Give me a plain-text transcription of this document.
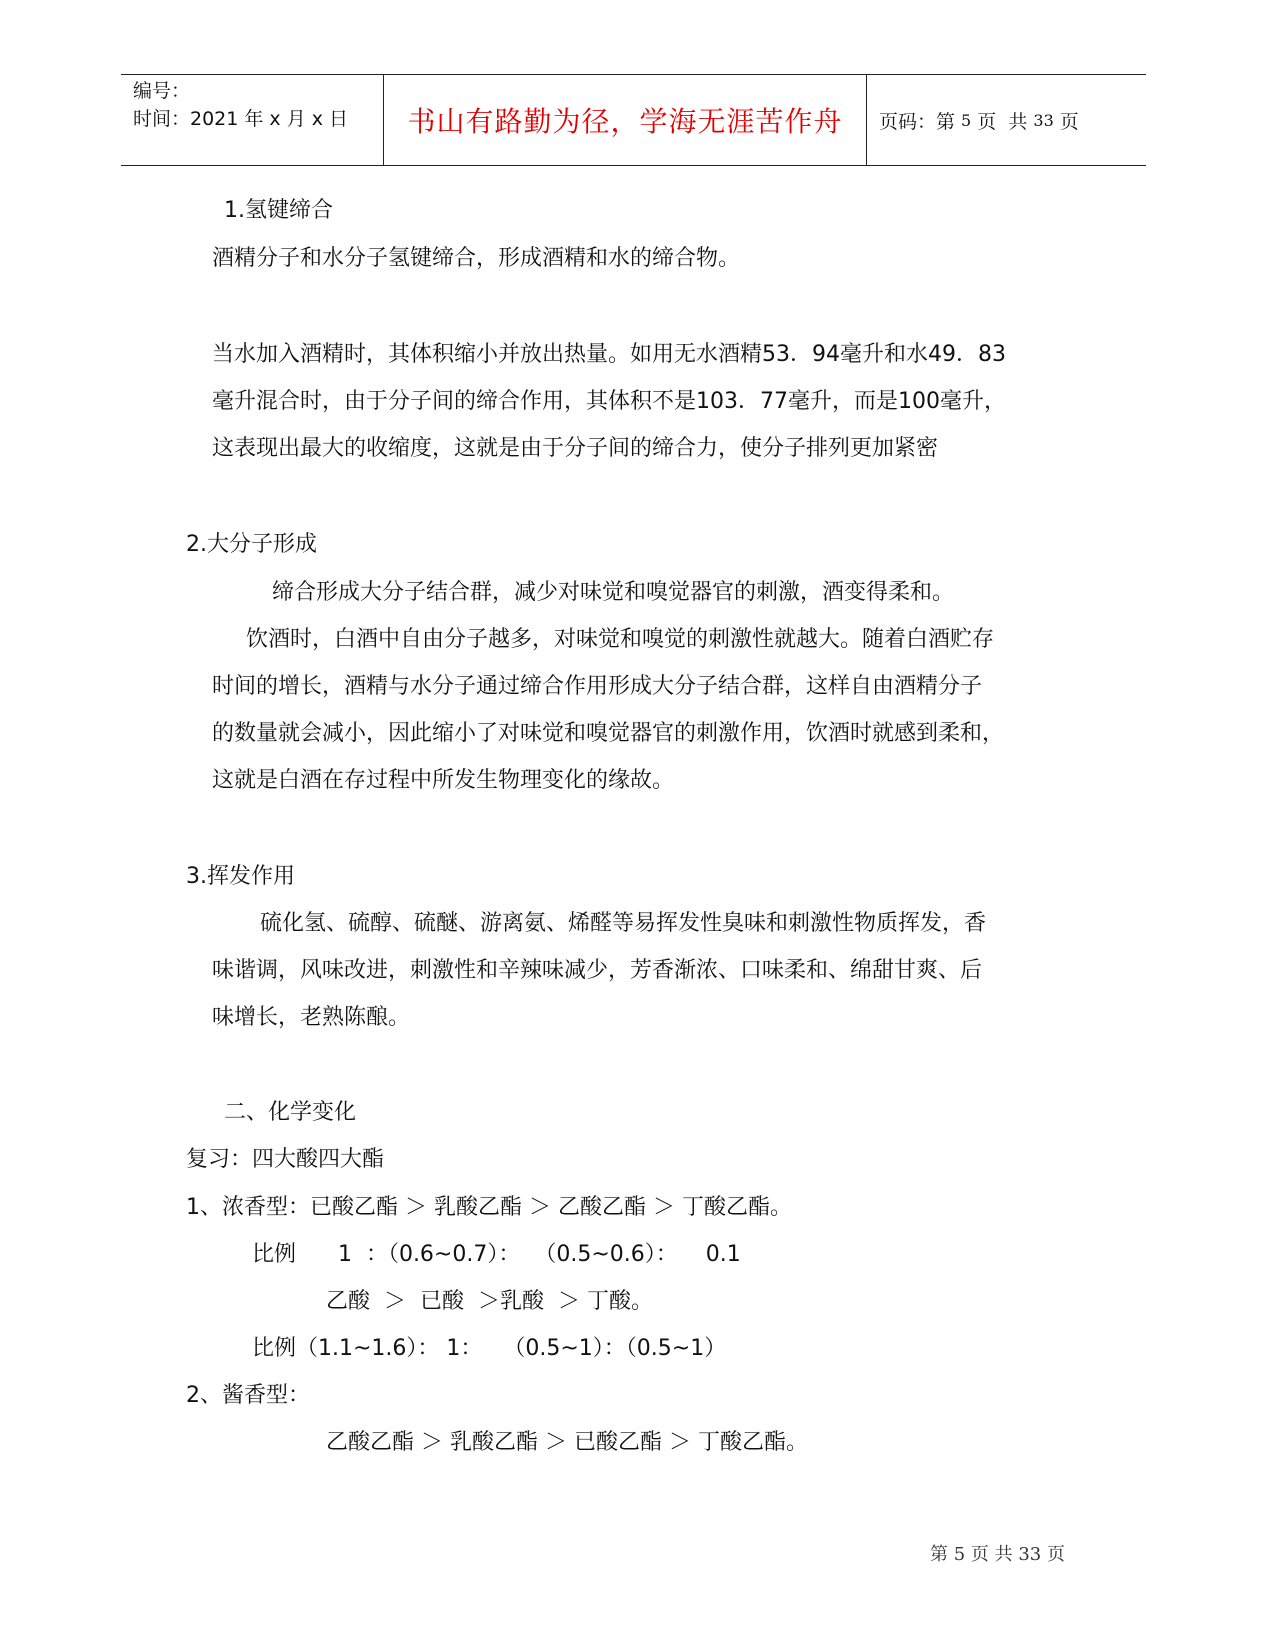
编号：
时间：2021 年 x 月 x 日	书山有路勤为径，学海无涯苦作舟	页码：第 5 页  共 33 页
1.氢键缔合
酒精分子和水分子氢键缔合，形成酒精和水的缔合物。
当水加入酒精时，其体积缩小并放出热量。如用无水酒精53．94毫升和水49．83
毫升混合时，由于分子间的缔合作用，其体积不是103．77毫升，而是100毫升，
这表现出最大的收缩度，这就是由于分子间的缔合力，使分子排列更加紧密
2.大分子形成
缔合形成大分子结合群，减少对味觉和嗅觉器官的刺激，酒变得柔和。
饮酒时，白酒中自由分子越多，对味觉和嗅觉的刺激性就越大。随着白酒贮存
时间的增长，酒精与水分子通过缔合作用形成大分子结合群，这样自由酒精分子
的数量就会减小，因此缩小了对味觉和嗅觉器官的刺激作用，饮酒时就感到柔和，
这就是白酒在存过程中所发生物理变化的缘故。
3.挥发作用
硫化氢、硫醇、硫醚、游离氨、烯醛等易挥发性臭味和刺激性物质挥发，香
味谐调，风味改进，刺激性和辛辣味减少，芳香渐浓、口味柔和、绵甜甘爽、后
味增长，老熟陈酿。
二、化学变化
复习：四大酸四大酯
1、浓香型：已酸乙酯 ＞ 乳酸乙酯 ＞ 乙酸乙酯 ＞ 丁酸乙酯。
比例      1  ：（0.6~0.7）：  （0.5~0.6）：    0.1
乙酸  ＞  已酸  ＞乳酸  ＞ 丁酸。
比例（1.1~1.6）： 1：   （0.5~1）：（0.5~1）
2、酱香型：
乙酸乙酯 ＞ 乳酸乙酯 ＞ 已酸乙酯 ＞ 丁酸乙酯。
第 5 页 共 33 页
